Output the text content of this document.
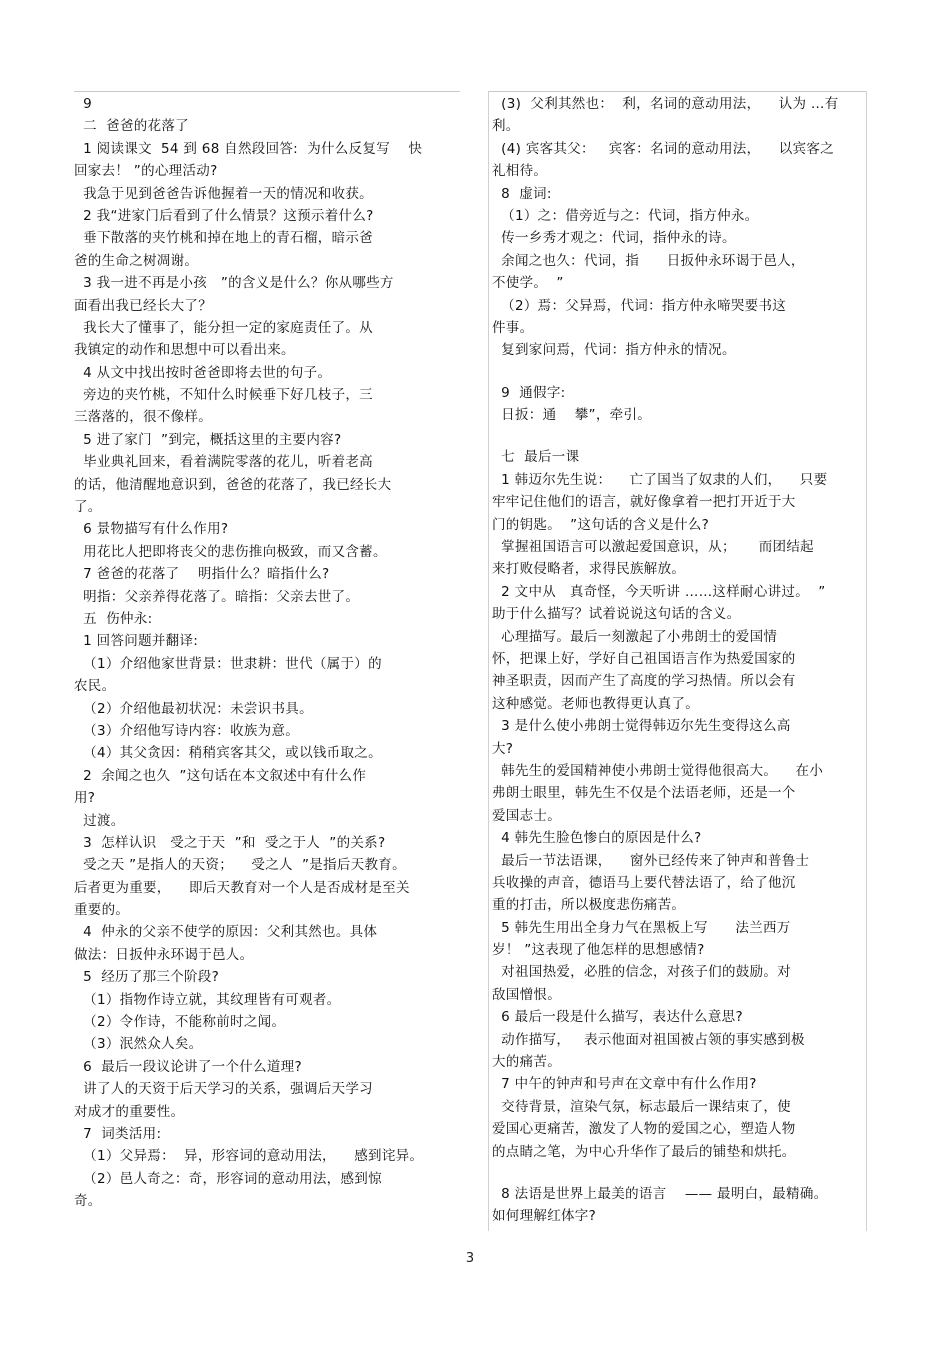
9
二  爸爸的花落了
1 阅读课文  54 到 68 自然段回答:  为什么反复写    快
回家去！ ”的心理活动?
我急于见到爸爸告诉他握着一天的情况和收获。
2 我“进家门后看到了什么情景？这预示着什么?
垂下散落的夹竹桃和掉在地上的青石榴，暗示爸
爸的生命之树凋谢。
3 我一进不再是小孩   ”的含义是什么？你从哪些方
面看出我已经长大了？
我长大了懂事了，能分担一定的家庭责任了。从
我镇定的动作和思想中可以看出来。
4 从文中找出按时爸爸即将去世的句子。
旁边的夹竹桃，不知什么时候垂下好几枝子，三
三落落的，很不像样。
5 进了家门  ”到完，概括这里的主要内容?
毕业典礼回来，看着满院零落的花儿，听着老高
的话，他清醒地意识到，爸爸的花落了，我已经长大
了。
6 景物描写有什么作用?
用花比人把即将丧父的悲伤推向极致，而又含蓄。
7 爸爸的花落了    明指什么？暗指什么?
明指：父亲养得花落了。暗指：父亲去世了。
五  伤仲永:
1 回答问题并翻译:
（1）介绍他家世背景：世隶耕：世代（属于）的
农民。
（2）介绍他最初状况：未尝识书具。
（3）介绍他写诗内容：收族为意。
（4）其父贪因：稍稍宾客其父，或以钱币取之。
2  余闻之也久  ”这句话在本文叙述中有什么作
用?
过渡。
3  怎样认识   受之于天  ”和  受之于人  ”的关系?
受之天 ”是指人的天资；    受之人  ”是指后天教育。
后者更为重要，    即后天教育对一个人是否成材是至关
重要的。
4  仲永的父亲不使学的原因：父利其然也。具体
做法：日扳仲永环谒于邑人。
5  经历了那三个阶段?
（1）指物作诗立就，其纹理皆有可观者。
（2）令作诗，不能称前时之闻。
（3）泯然众人矣。
6  最后一段议论讲了一个什么道理?
讲了人的天资于后天学习的关系，强调后天学习
对成才的重要性。
7  词类活用:
（1）父异焉：  异，形容词的意动用法，    感到诧异。
（2）邑人奇之：奇，形容词的意动用法，感到惊
奇。
(3)  父利其然也：  利，名词的意动用法，    认为 …有
利。
(4) 宾客其父：   宾客：名词的意动用法，    以宾客之
礼相待。
8  虚词:
（1）之：借旁近与之：代词，指方仲永。
传一乡秀才观之：代词，指仲永的诗。
余闻之也久：代词，指      日扳仲永环谒于邑人，
不使学。  ”
（2）焉：父异焉，代词：指方仲永啼哭要书这
件事。
复到家问焉，代词：指方仲永的情况。
9  通假字:
日扳：通    攀”，牵引。
七  最后一课
1 韩迈尔先生说：    亡了国当了奴隶的人们，    只要
牢牢记住他们的语言，就好像拿着一把打开近于大
门的钥匙。  ”这句话的含义是什么?
掌握祖国语言可以激起爱国意识，从；     而团结起
来打败侵略者，求得民族解放。
2 文中从   真奇怪，今天听讲 ……这样耐心讲过。  ”
助于什么描写？试着说说这句话的含义。
心理描写。最后一刻激起了小弗朗士的爱国情
怀，把课上好，学好自己祖国语言作为热爱国家的
神圣职责，因而产生了高度的学习热情。所以会有
这种感觉。老师也教得更认真了。
3 是什么使小弗朗士觉得韩迈尔先生变得这么高
大?
韩先生的爱国精神使小弗朗士觉得他很高大。    在小
弗朗士眼里，韩先生不仅是个法语老师，还是一个
爱国志士。
4 韩先生脸色惨白的原因是什么?
最后一节法语课，    窗外已经传来了钟声和普鲁士
兵收操的声音，德语马上要代替法语了，给了他沉
重的打击，所以极度悲伤痛苦。
5 韩先生用出全身力气在黑板上写      法兰西万
岁！ ”这表现了他怎样的思想感情?
对祖国热爱，必胜的信念，对孩子们的鼓励。对
敌国憎恨。
6 最后一段是什么描写，表达什么意思?
动作描写，   表示他面对祖国被占领的事实感到极
大的痛苦。
7 中午的钟声和号声在文章中有什么作用?
交待背景，渲染气氛，标志最后一课结束了，使
爱国心更痛苦，激发了人物的爱国之心，塑造人物
的点睛之笔，为中心升华作了最后的铺垫和烘托。
8 法语是世界上最美的语言    —— 最明白，最精确。
如何理解红体字?
3
